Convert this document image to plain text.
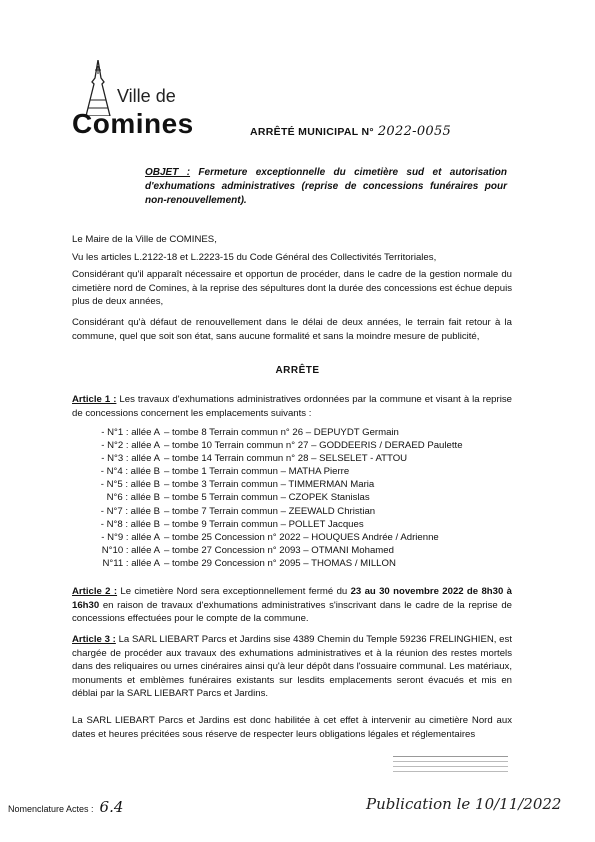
Ville de
Comines	ARRÊTÉ MUNICIPAL N° 2022-0055
OBJET : Fermeture exceptionnelle du cimetière sud et autorisation d'exhumations administratives (reprise de concessions funéraires pour non-renouvellement).
Le Maire de la Ville de COMINES,
Vu les articles L.2122-18 et L.2223-15 du Code Général des Collectivités Territoriales,
Considérant qu'il apparaît nécessaire et opportun de procéder, dans le cadre de la gestion normale du cimetière nord de Comines, à la reprise des sépultures dont la durée des concessions est échue depuis plus de deux années,
Considérant qu'à défaut de renouvellement dans le délai de deux années, le terrain fait retour à la commune, quel que soit son état, sans aucune formalité et sans la moindre mesure de publicité,
ARRÊTE
Article 1 : Les travaux d'exhumations administratives ordonnées par la commune et visant à la reprise de concessions concernent les emplacements suivants :
- N°1 : allée A – tombe 8 Terrain commun n° 26 – DEPUYDT Germain
- N°2 : allée A – tombe 10 Terrain commun n° 27 – GODDEERIS / DERAED Paulette
- N°3 : allée A – tombe 14 Terrain commun n° 28 – SELSELET - ATTOU
- N°4 : allée B – tombe 1 Terrain commun – MATHA Pierre
- N°5 : allée B – tombe 3 Terrain commun – TIMMERMAN Maria
N°6 : allée B – tombe 5 Terrain commun – CZOPEK Stanislas
- N°7 : allée B – tombe 7 Terrain commun – ZEEWALD Christian
- N°8 : allée B – tombe 9 Terrain commun – POLLET Jacques
- N°9 : allée A – tombe 25 Concession n° 2022 – HOUQUES Andrée / Adrienne
N°10 : allée A – tombe 27 Concession n° 2093 – OTMANI Mohamed
N°11 : allée A – tombe 29 Concession n° 2095 – THOMAS / MILLON
Article 2 : Le cimetière Nord sera exceptionnellement fermé du 23 au 30 novembre 2022 de 8h30 à 16h30 en raison de travaux d'exhumations administratives s'inscrivant dans le cadre de la reprise de concessions effectuées pour le compte de la commune.
Article 3 : La SARL LIEBART Parcs et Jardins sise 4389 Chemin du Temple 59236 FRELINGHIEN, est chargée de procéder aux travaux des exhumations administratives et à la réunion des restes mortels dans des reliquaires ou urnes cinéraires ainsi qu'à leur dépôt dans l'ossuaire communal. Les matériaux, monuments et emblèmes funéraires existants sur lesdits emplacements seront évacués et mis en déblai par la SARL LIEBART Parcs et Jardins.
La SARL LIEBART Parcs et Jardins est donc habilitée à cet effet à intervenir au cimetière Nord aux dates et heures précitées sous réserve de respecter leurs obligations légales et réglementaires
Nomenclature Actes : 6.4	Publication le 10/11/2022
